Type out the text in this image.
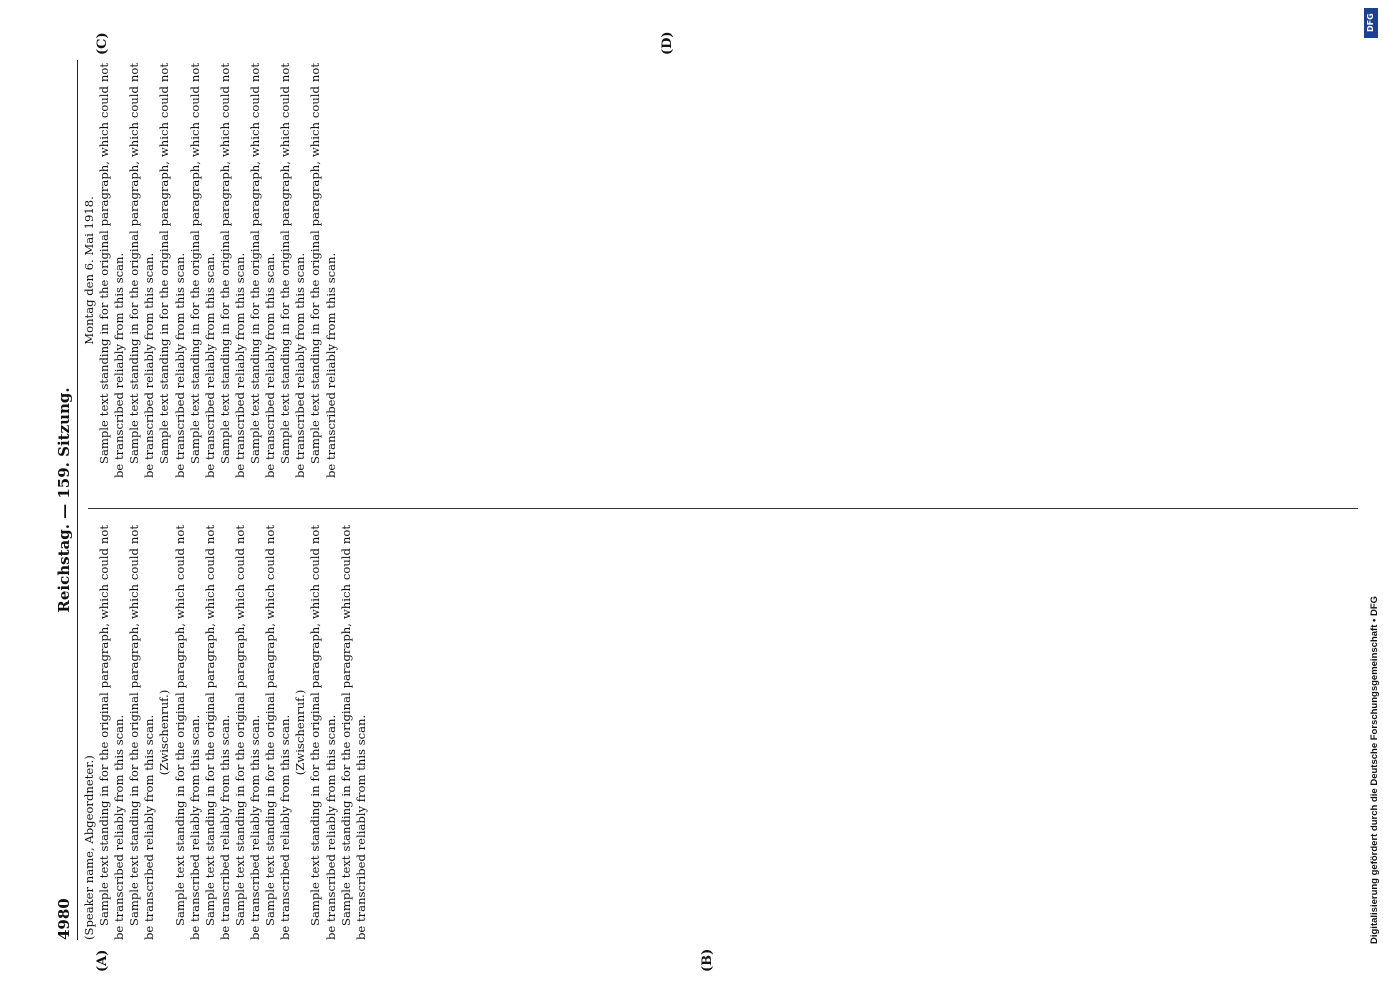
4980
Reichstag. — 159. Sitzung.
(A)	(B)
(C)	(D)

(Speaker name, Abgeordneter.) Sample text standing in for the original paragraph, which could not be transcribed reliably from this scan. Sample text standing in for the original paragraph, which could not be transcribed reliably from this scan. (Zwischenruf.) Sample text standing in for the original paragraph, which could not be transcribed reliably from this scan. Sample text standing in for the original paragraph, which could not be transcribed reliably from this scan. Sample text standing in for the original paragraph, which could not be transcribed reliably from this scan. Sample text standing in for the original paragraph, which could not be transcribed reliably from this scan. (Zwischenruf.) Sample text standing in for the original paragraph, which could not be transcribed reliably from this scan. Sample text standing in for the original paragraph, which could not be transcribed reliably from this scan.

Montag den 6. Mai 1918. Sample text standing in for the original paragraph, which could not be transcribed reliably from this scan. Sample text standing in for the original paragraph, which could not be transcribed reliably from this scan. Sample text standing in for the original paragraph, which could not be transcribed reliably from this scan. Sample text standing in for the original paragraph, which could not be transcribed reliably from this scan. Sample text standing in for the original paragraph, which could not be transcribed reliably from this scan. Sample text standing in for the original paragraph, which could not be transcribed reliably from this scan. Sample text standing in for the original paragraph, which could not be transcribed reliably from this scan. Sample text standing in for the original paragraph, which could not be transcribed reliably from this scan.

DFG
Digitalisierung gefördert durch die Deutsche Forschungsgemeinschaft • DFG
